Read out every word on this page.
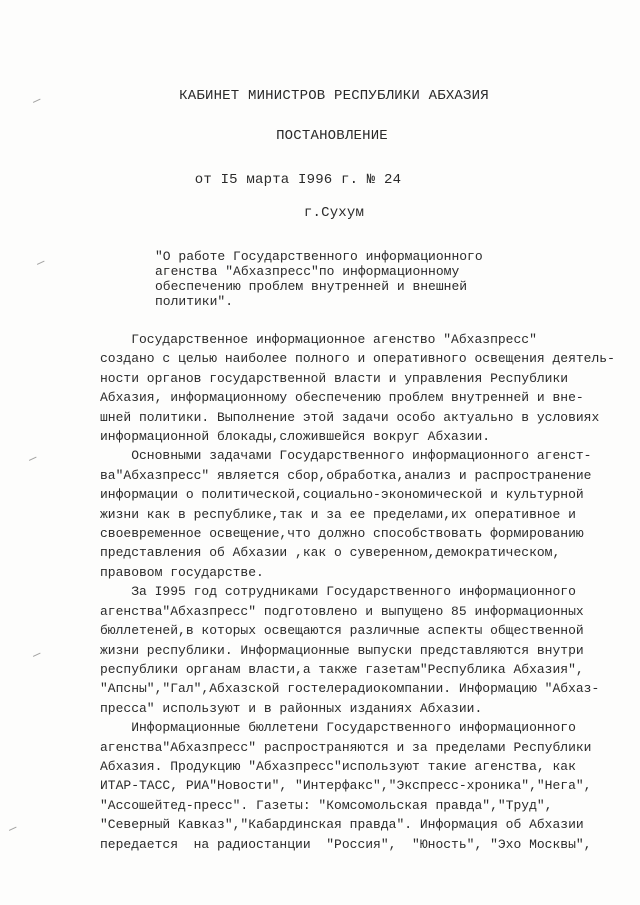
КАБИНЕТ МИНИСТРОВ РЕСПУБЛИКИ АБХАЗИЯ
ПОСТАНОВЛЕНИЕ
от I5 марта I996 г. № 24
г.Сухум
"О работе Государственного информационного
агенства "Абхазпресс"по информационному
обеспечению проблем внутренней и внешней
политики".
Государственное информационное агенство "Абхазпресс"
создано с целью наиболее полного и оперативного освещения деятель-
ности органов государственной власти и управления Республики
Абхазия, информационному обеспечению проблем внутренней и вне-
шней политики. Выполнение этой задачи особо актуально в условиях
информационной блокады,сложившейся вокруг Абхазии.
Основными задачами Государственного информационного агенст-
ва"Абхазпресс" является сбор,обработка,анализ и распространение
информации о политической,социально-экономической и культурной
жизни как в республике,так и за ее пределами,их оперативное и
своевременное освещение,что должно способствовать формированию
представления об Абхазии ,как о суверенном,демократическом,
правовом государстве.
За I995 год сотрудниками Государственного информационного
агенства"Абхазпресс" подготовлено и выпущено 85 информационных
бюллетеней,в которых освещаются различные аспекты общественной
жизни республики. Информационные выпуски представляются внутри
республики органам власти,а также газетам"Республика Абхазия",
"Апсны","Гал",Абхазской гостелерадиокомпании. Информацию "Абхаз-
пресса" используют и в районных изданиях Абхазии.
Информационные бюллетени Государственного информационного
агенства"Абхазпресс" распространяются и за пределами Республики
Абхазия. Продукцию "Абхазпресс"используют такие агенства, как
ИТАР-ТАСС, РИА"Новости", "Интерфакс","Экспресс-хроника","Нега",
"Ассошейтед-пресс". Газеты: "Комсомольская правда","Труд",
"Северный Кавказ","Кабардинская правда". Информация об Абхазии
передается  на радиостанции  "Россия",  "Юность", "Эхо Москвы",
